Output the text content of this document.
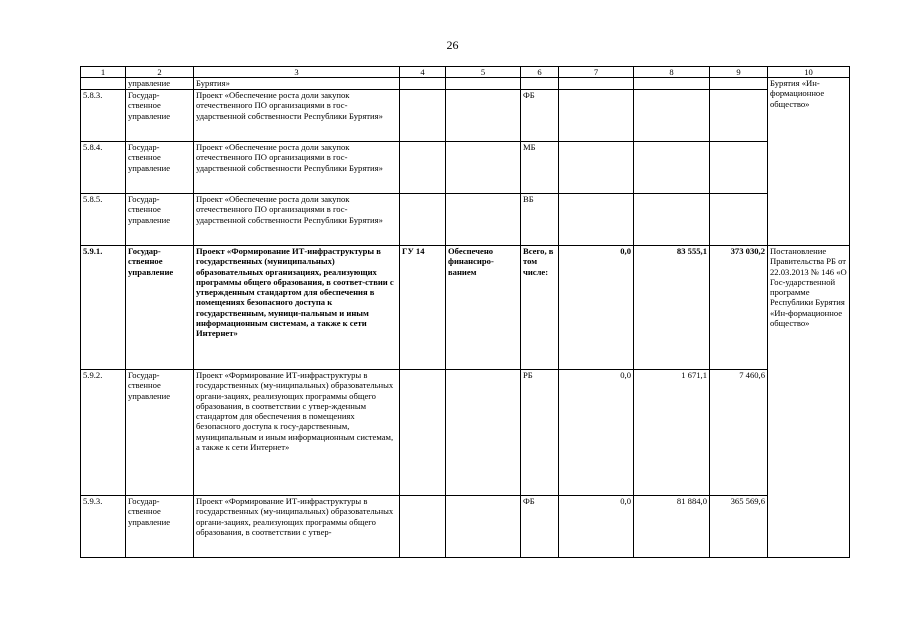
26
1	2	3	4	5	6	7	8	9	10
	управление	Бурятия»							Бурятия «Ин-формационное общество»
5.8.3.	Государ-ственное управление	Проект «Обеспечение роста доли закупок отечественного ПО организациями в гос-ударственной собственности Республики Бурятия»			ФБ				
5.8.4.	Государ-ственное управление	Проект «Обеспечение роста доли закупок отечественного ПО организациями в гос-ударственной собственности Республики Бурятия»			МБ				
5.8.5.	Государ-ственное управление	Проект «Обеспечение роста доли закупок отечественного ПО организациями в гос-ударственной собственности Республики Бурятия»			ВБ				
5.9.1.	Государ-ственное управление	Проект «Формирование ИТ-инфраструктуры в государственных (муниципальных) образовательных организациях, реализующих программы общего образования, в соответ-ствии с утвержденным стандартом для обеспечения в помещениях безопасного доступа к государственным, муници-пальным и иным информационным системам, а также к сети Интернет»	ГУ 14	Обеспечено финансиро-ванием	Всего, в том числе:	0,0	83 555,1	373 030,2	Постановление Правительства РБ от 22.03.2013 № 146 «О Гос-ударственной программе Республики Бурятия «Ин-формационное общество»
5.9.2.	Государ-ственное управление	Проект «Формирование ИТ-инфраструктуры в государственных (му-ниципальных) образовательных органи-зациях, реализующих программы общего образования, в соответствии с утвер-жденным стандартом для обеспечения в помещениях безопасного доступа к госу-дарственным, муниципальным и иным информационным системам, а также к сети Интернет»			РБ	0,0	1 671,1	7 460,6	
5.9.3.	Государ-ственное управление	Проект «Формирование ИТ-инфраструктуры в государственных (му-ниципальных) образовательных органи-зациях, реализующих программы общего образования, в соответствии с утвер-			ФБ	0,0	81 884,0	365 569,6	
